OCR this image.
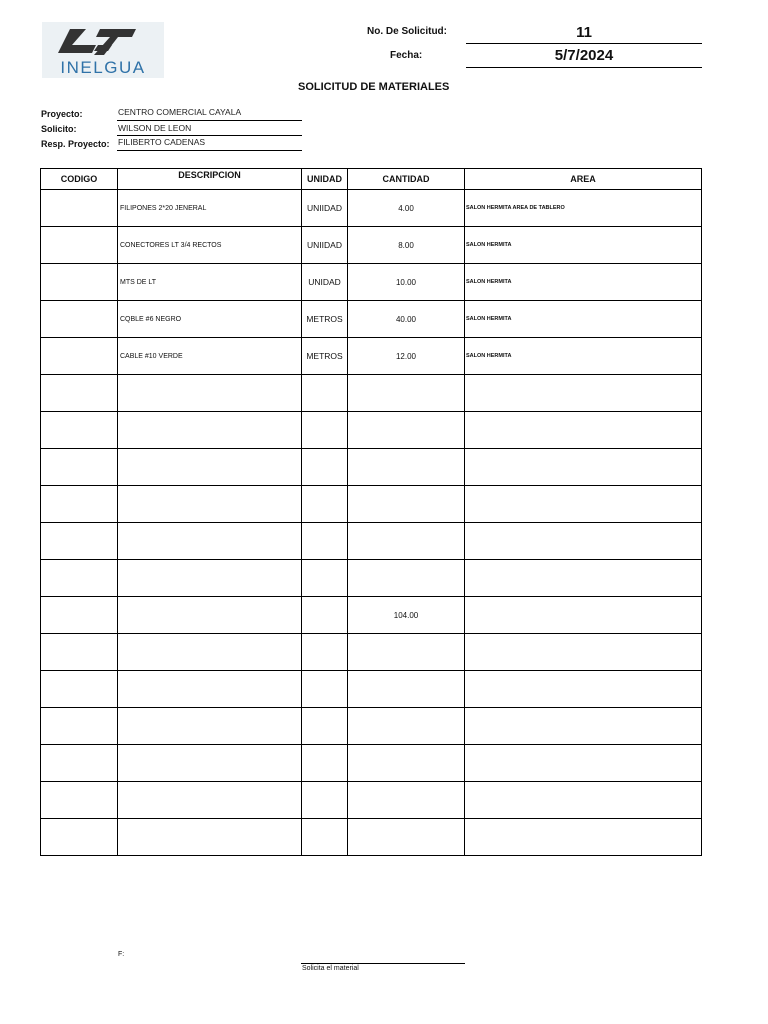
INELGUA
No. De Solicitud:	11
Fecha:	5/7/2024
SOLICITUD DE MATERIALES
Proyecto:	CENTRO COMERCIAL CAYALA
Solicito:	WILSON DE LEON
Resp. Proyecto: FILIBERTO CADENAS
CODIGO	DESCRIPCION	UNIDAD	CANTIDAD	AREA
	FILIPONES 2*20 JENERAL	UNIIDAD	4.00	SALON HERMITA AREA DE TABLERO
	CONECTORES LT 3/4 RECTOS	UNIIDAD	8.00	SALON HERMITA
	MTS DE LT	UNIDAD	10.00	SALON HERMITA
	CQBLE #6 NEGRO	METROS	40.00	SALON HERMITA
	CABLE #10 VERDE	METROS	12.00	SALON HERMITA

			104.00	

F:
Solicita el material
